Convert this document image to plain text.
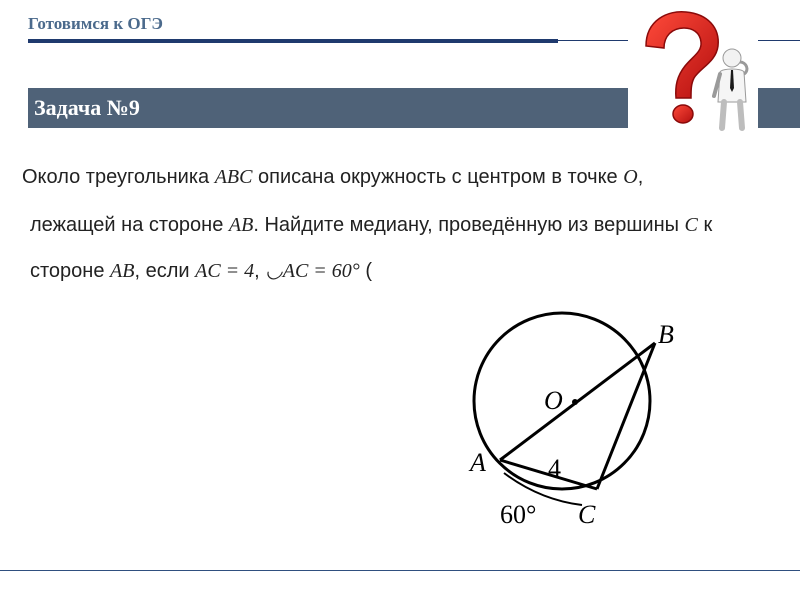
Готовимся к ОГЭ
Задача №9
Около треугольника ABC описана окружность с центром в точке O,
лежащей на стороне AB. Найдите медиану, проведённую из вершины C к
стороне AB, если AC = 4, ◡AC = 60° (
B
O
A 4
60° C
